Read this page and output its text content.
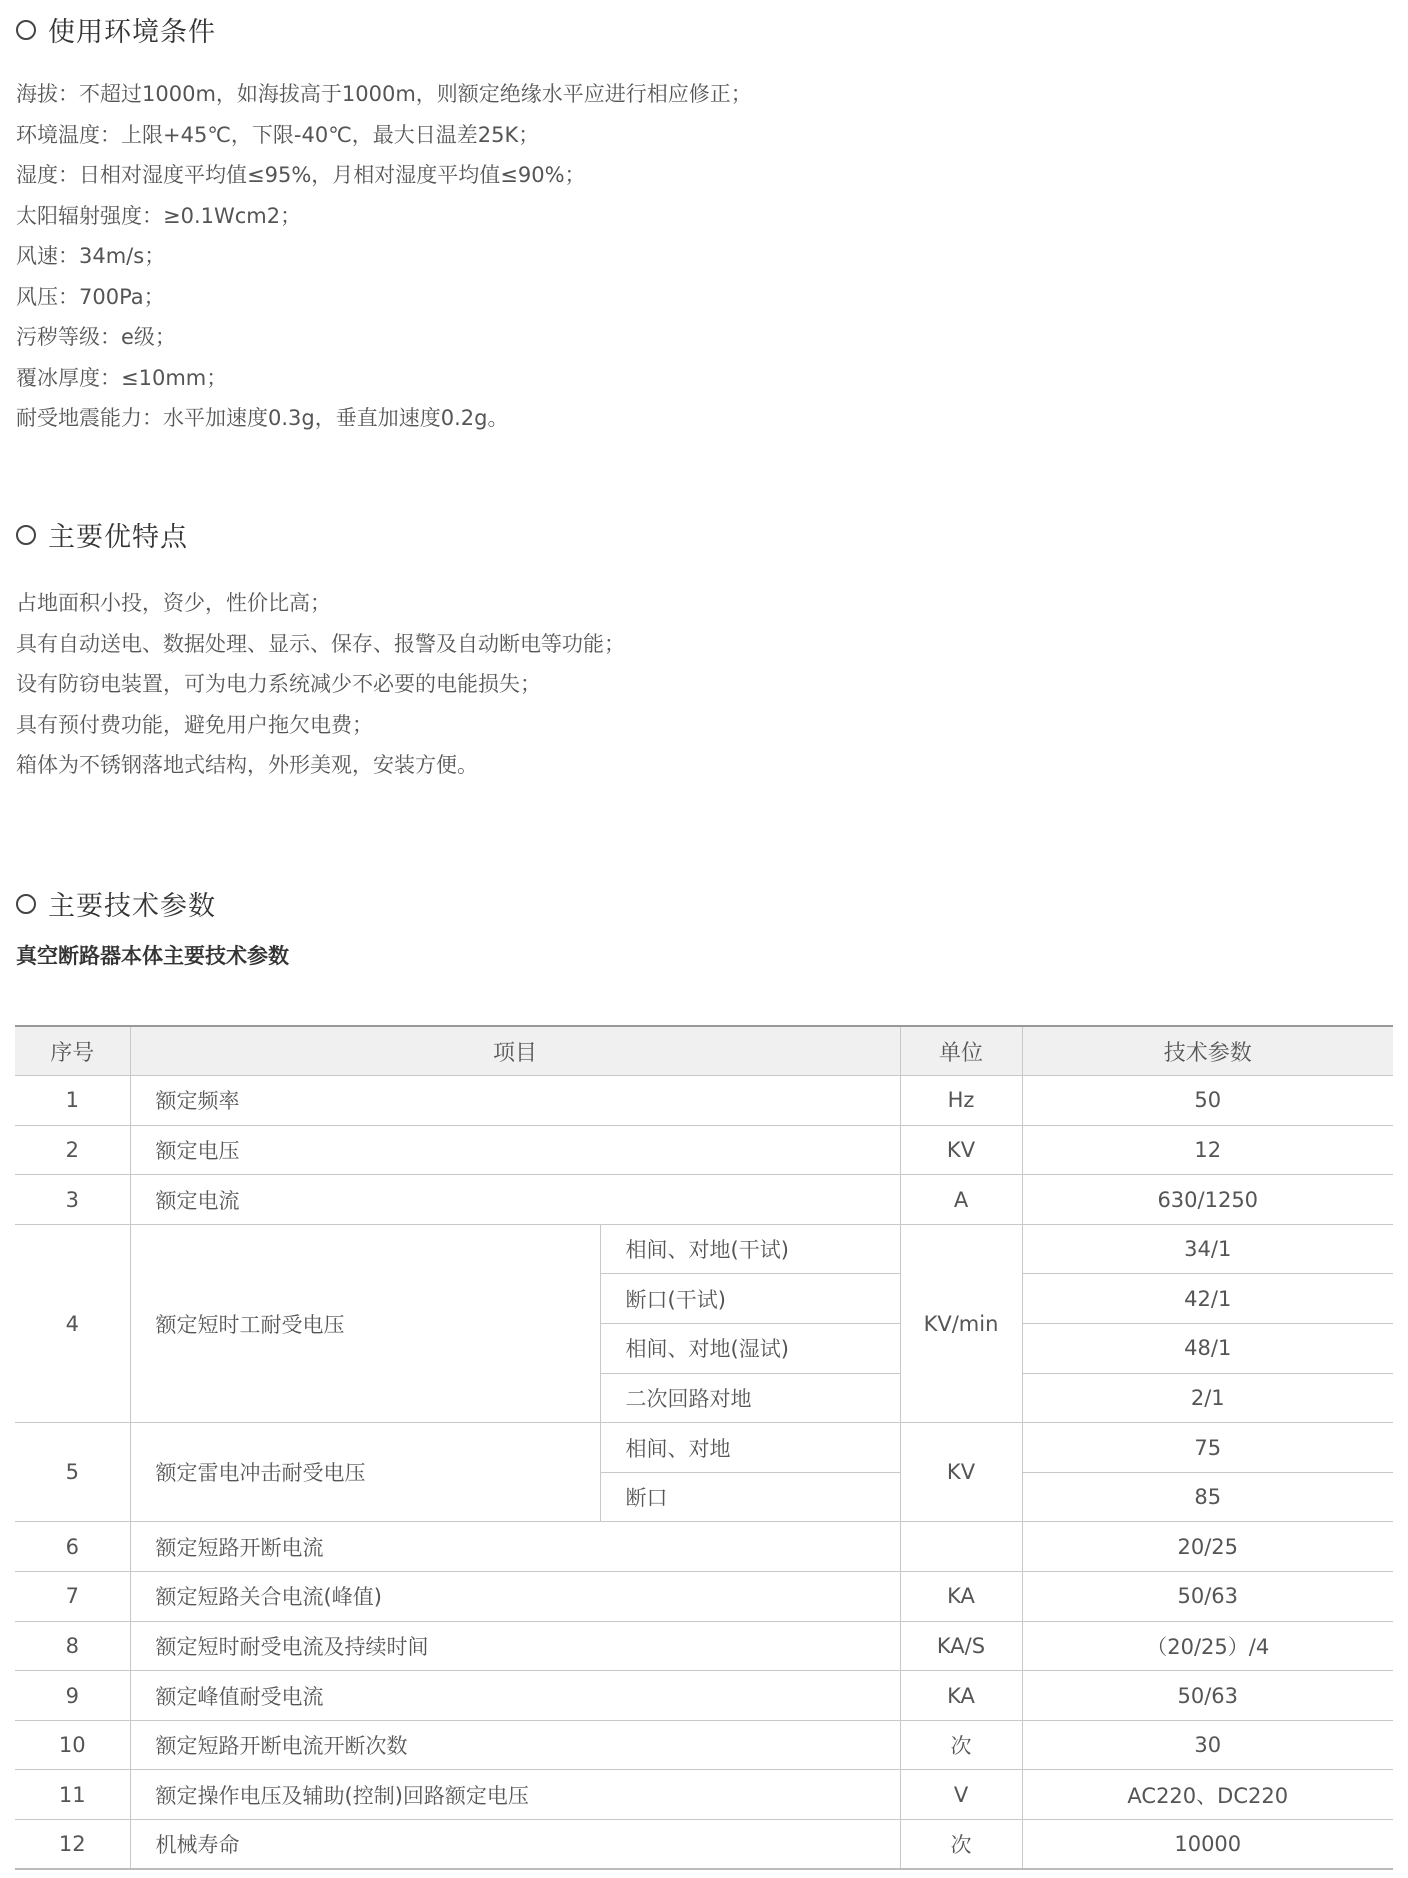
使用环境条件
海拔：不超过1000m，如海拔高于1000m，则额定绝缘水平应进行相应修正；
环境温度：上限+45℃，下限-40℃，最大日温差25K；
湿度：日相对湿度平均值≤95%，月相对湿度平均值≤90%；
太阳辐射强度：≥0.1Wcm2；
风速：34m/s；
风压：700Pa；
污秽等级：e级；
覆冰厚度：≤10mm；
耐受地震能力：水平加速度0.3g，垂直加速度0.2g。
主要优特点
占地面积小投，资少，性价比高；
具有自动送电、数据处理、显示、保存、报警及自动断电等功能；
设有防窃电装置，可为电力系统减少不必要的电能损失；
具有预付费功能，避免用户拖欠电费；
箱体为不锈钢落地式结构，外形美观，安装方便。
主要技术参数
真空断路器本体主要技术参数
序号	项目		单位	技术参数
1	额定频率		Hz	50
2	额定电压		KV	12
3	额定电流		A	630/1250
4	额定短时工耐受电压	相间、对地(干试)	KV/min	34/1
		断口(干试)		42/1
		相间、对地(湿试)		48/1
		二次回路对地		2/1
5	额定雷电冲击耐受电压	相间、对地	KV	75
		断口		85
6	额定短路开断电流			20/25
7	额定短路关合电流(峰值)		KA	50/63
8	额定短时耐受电流及持续时间		KA/S	（20/25）/4
9	额定峰值耐受电流		KA	50/63
10	额定短路开断电流开断次数		次	30
11	额定操作电压及辅助(控制)回路额定电压		V	AC220、DC220
12	机械寿命		次	10000
